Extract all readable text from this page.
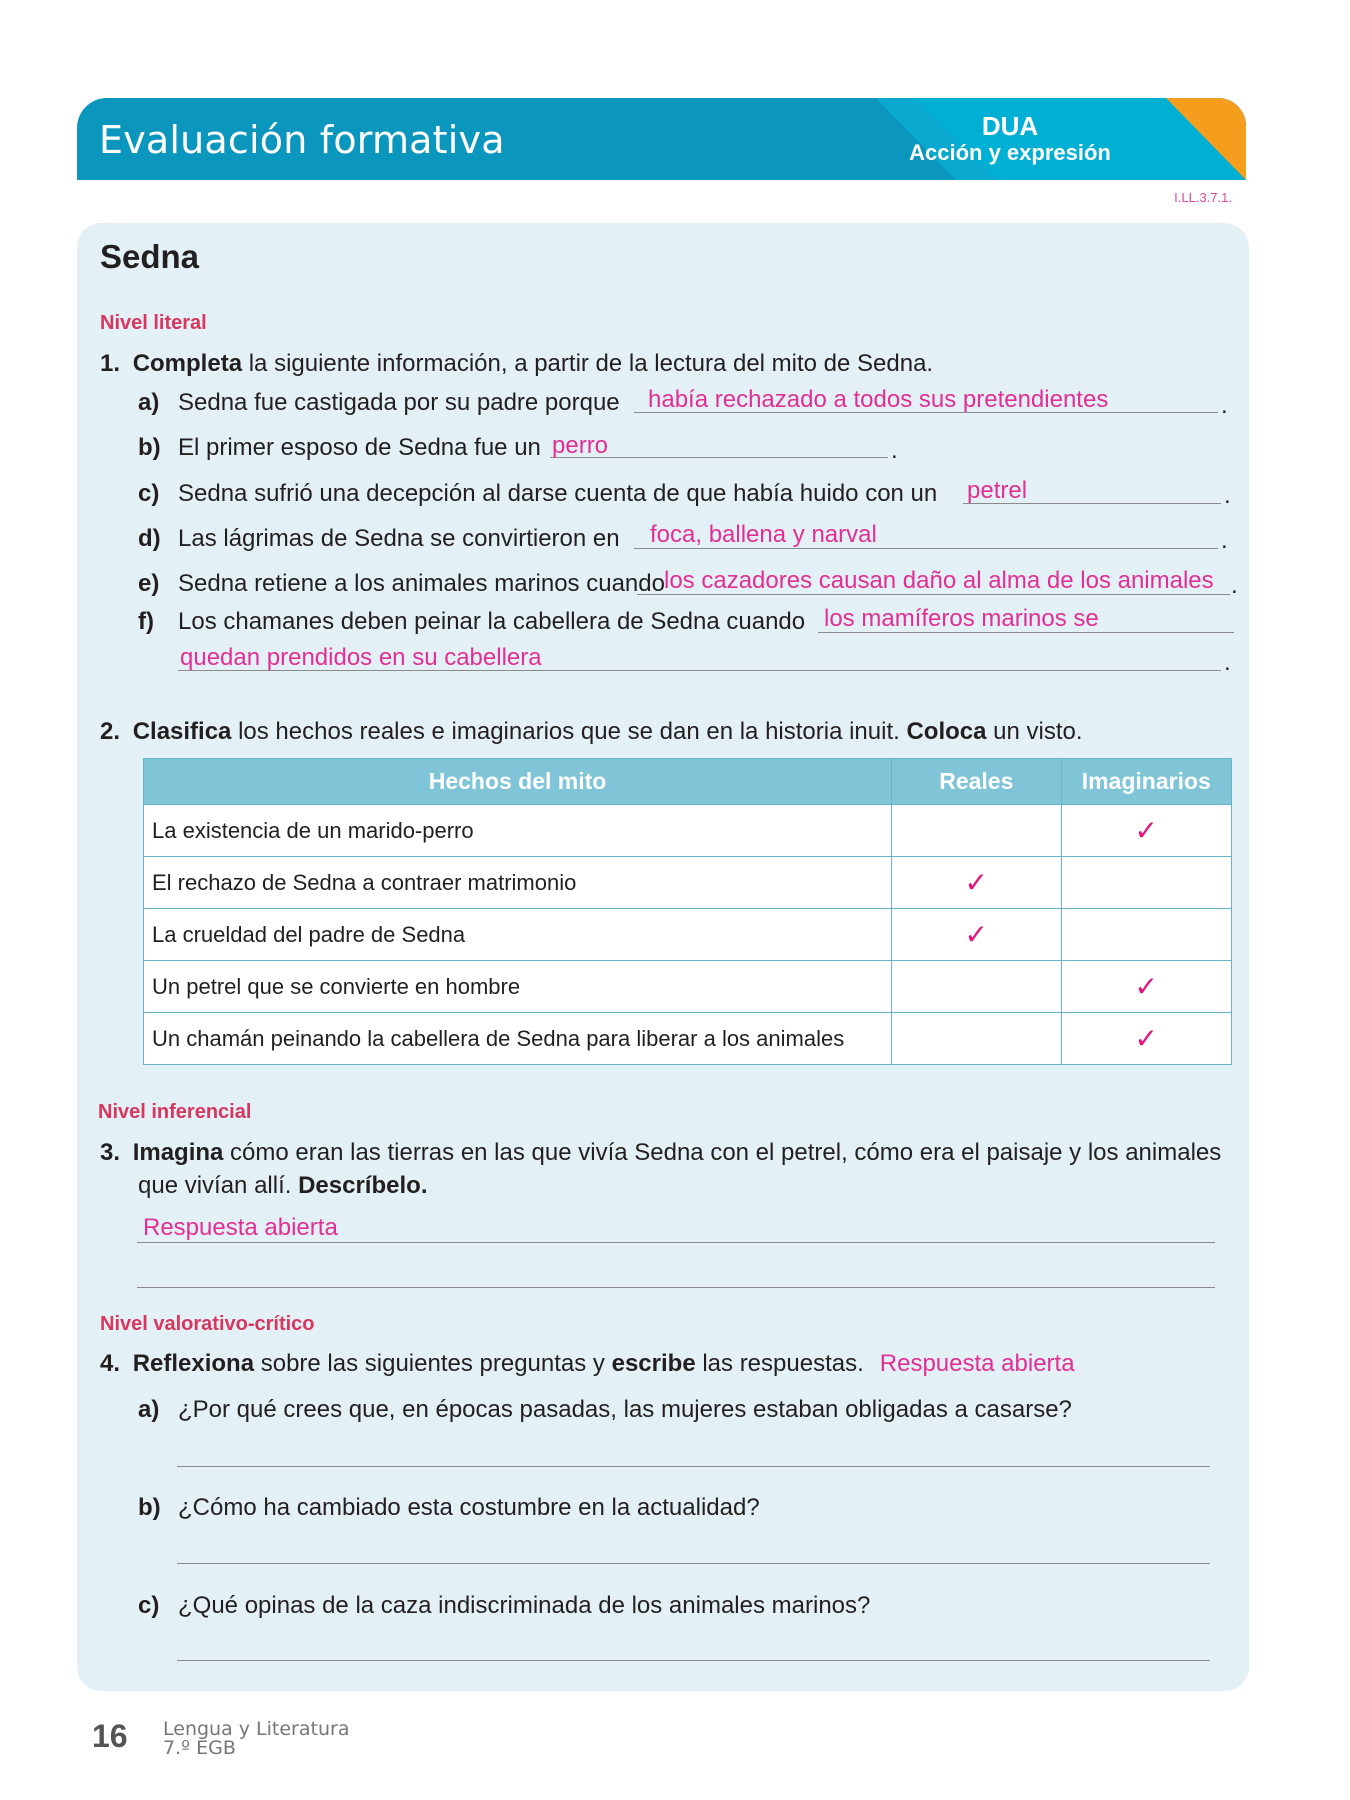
Evaluación formativa	DUA
Acción y expresión
I.LL.3.7.1.
Sedna
Nivel literal
1. Completa la siguiente información, a partir de la lectura del mito de Sedna.
a) Sedna fue castigada por su padre porque había rechazado a todos sus pretendientes	.
b) El primer esposo de Sedna fue un perro	.
c) Sedna sufrió una decepción al darse cuenta de que había huido con un petrel	.
d) Las lágrimas de Sedna se convirtieron en foca, ballena y narval	.
e) Sedna retiene a los animales marinos cuando los cazadores causan daño al alma de los animales .
f) Los chamanes deben peinar la cabellera de Sedna cuando los mamíferos marinos se
quedan prendidos en su cabellera	.
2. Clasifica los hechos reales e imaginarios que se dan en la historia inuit. Coloca un visto.
Hechos del mito	Reales	Imaginarios
La existencia de un marido-perro		✓
El rechazo de Sedna a contraer matrimonio	✓	
La crueldad del padre de Sedna	✓	
Un petrel que se convierte en hombre		✓
Un chamán peinando la cabellera de Sedna para liberar a los animales		✓
Nivel inferencial
3. Imagina cómo eran las tierras en las que vivía Sedna con el petrel, cómo era el paisaje y los animales
que vivían allí. Descríbelo.
Respuesta abierta
Nivel valorativo-crítico
4. Reflexiona sobre las siguientes preguntas y escribe las respuestas. Respuesta abierta
a) ¿Por qué crees que, en épocas pasadas, las mujeres estaban obligadas a casarse?
b) ¿Cómo ha cambiado esta costumbre en la actualidad?
c) ¿Qué opinas de la caza indiscriminada de los animales marinos?
16 Lengua y Literatura
7.º EGB
